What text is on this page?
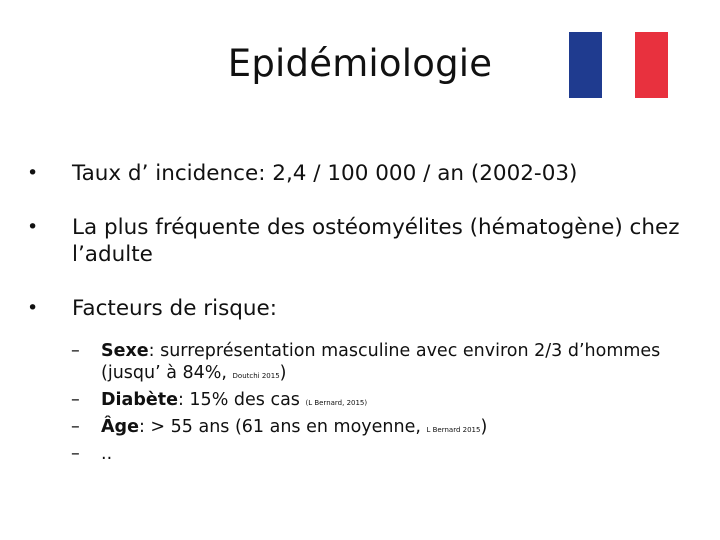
Epidémiologie
•	Taux d’ incidence: 2,4 / 100 000 / an (2002-03)
•	La plus fréquente des ostéomyélites (hématogène) chez l’adulte
•	Facteurs de risque:
– Sexe: surreprésentation masculine avec environ 2/3 d’hommes (jusqu’ à 84%, Doutchi 2015)
– Diabète: 15% des cas (L Bernard, 2015)
– Âge: > 55 ans (61 ans en moyenne, L Bernard 2015)
– ..
